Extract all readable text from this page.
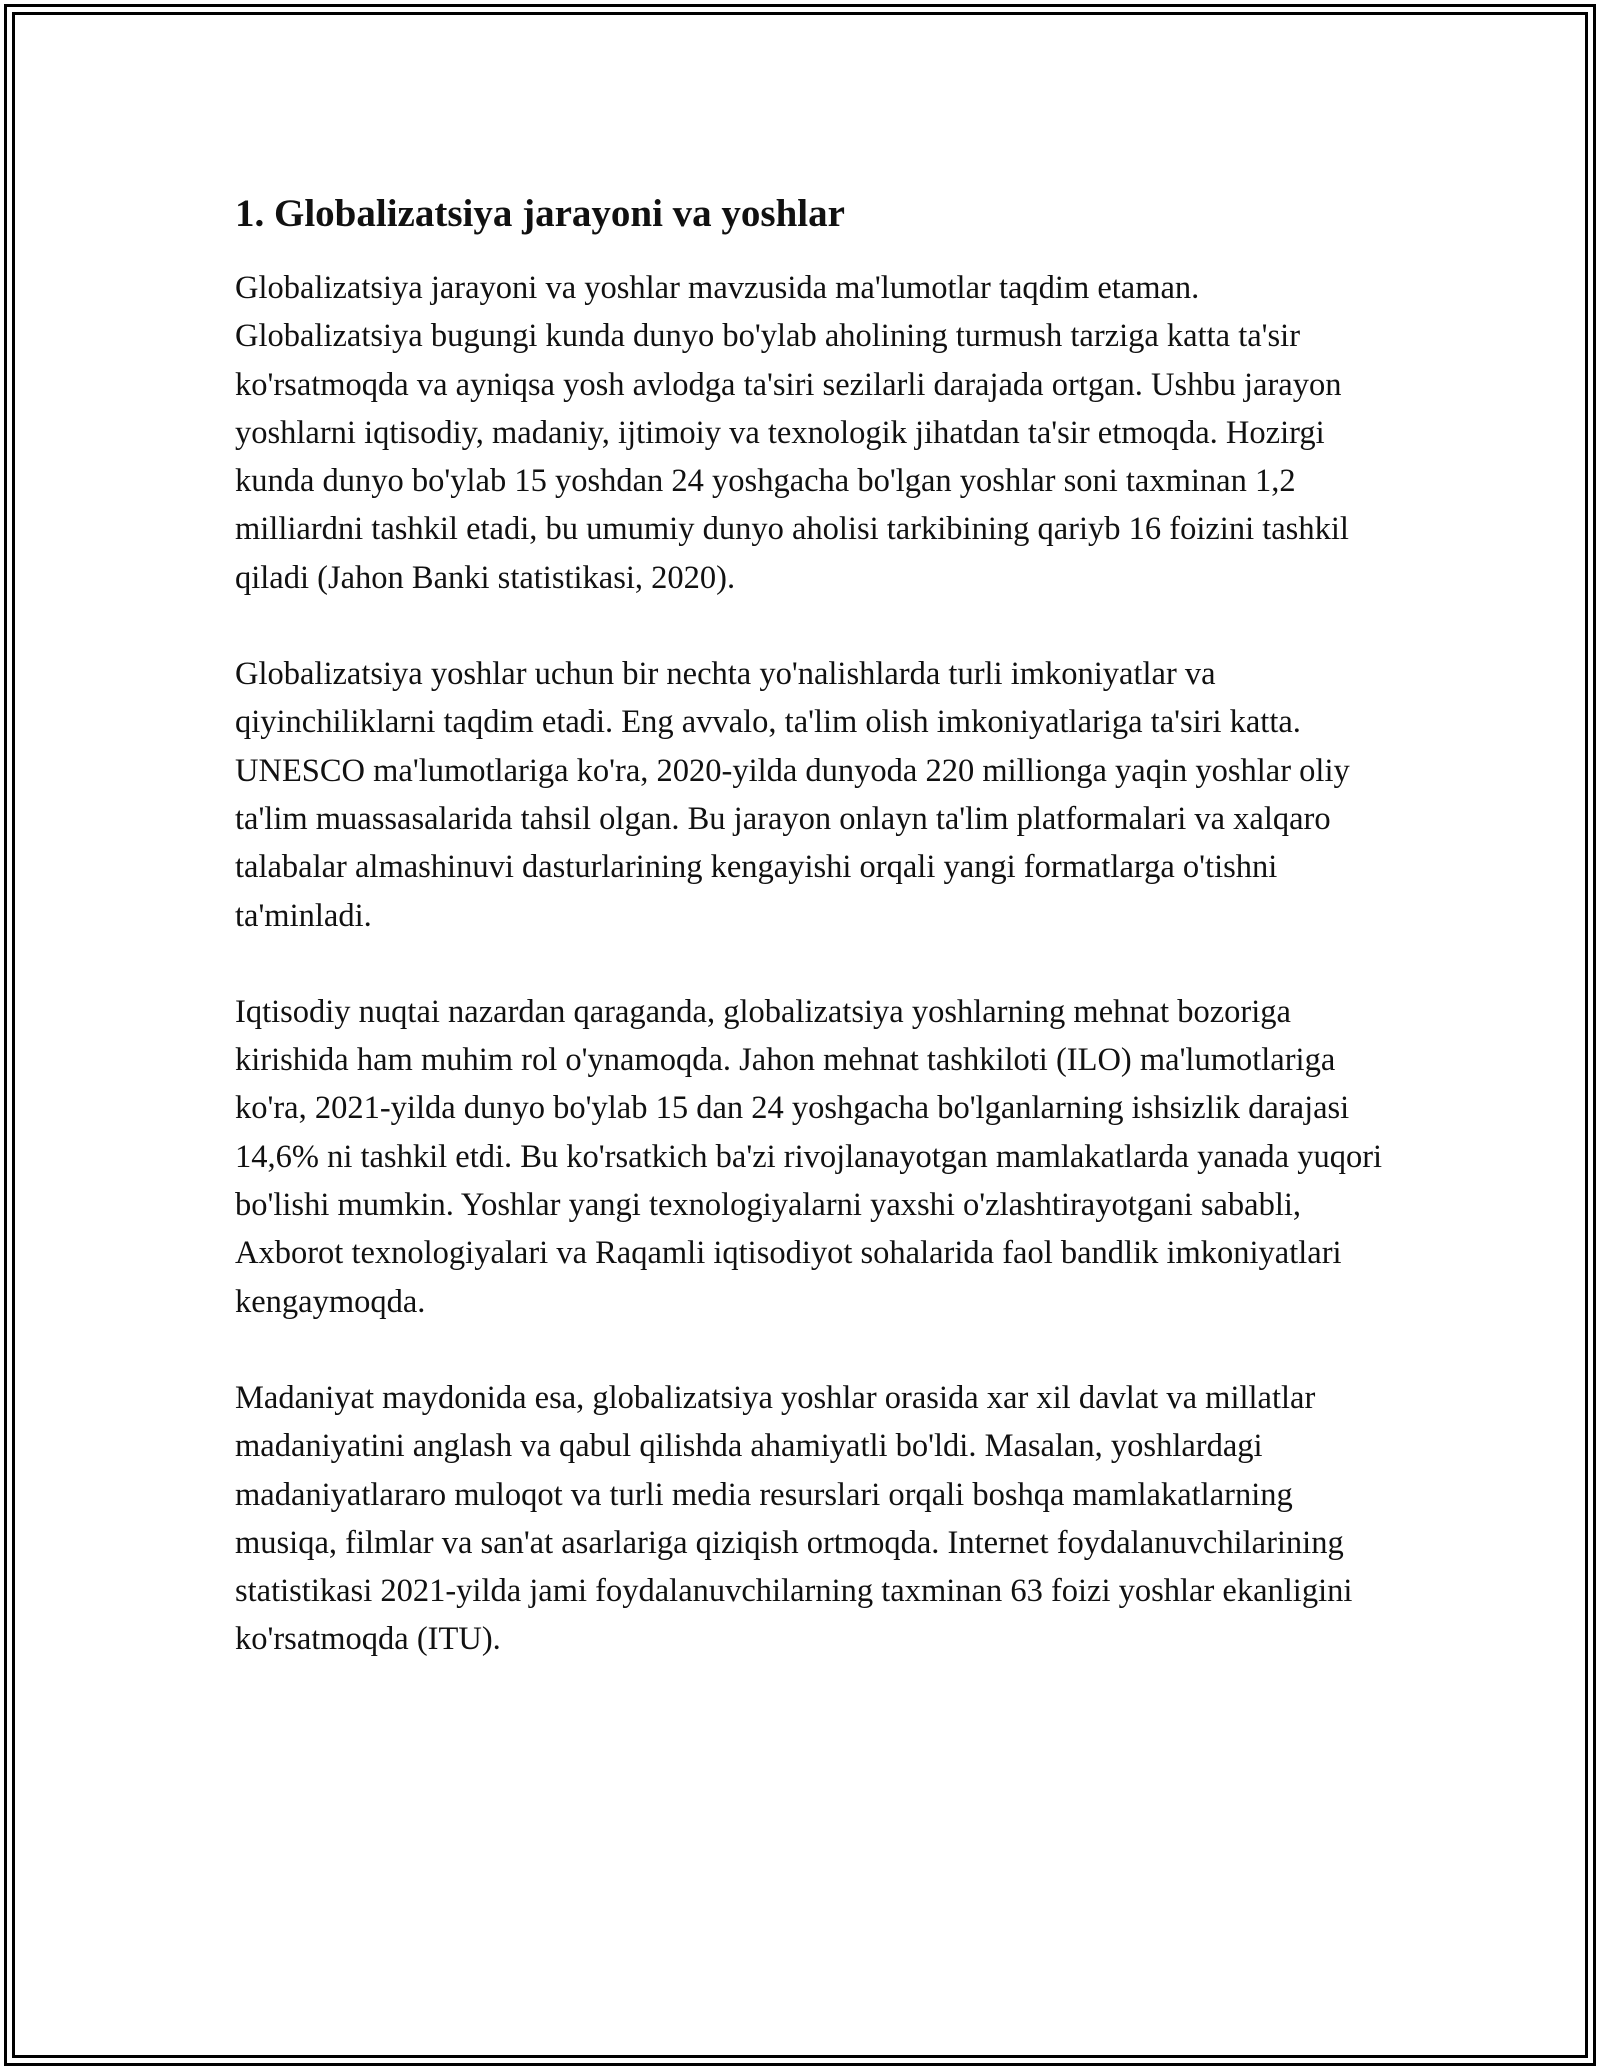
1. Globalizatsiya jarayoni va yoshlar

Globalizatsiya jarayoni va yoshlar mavzusida ma'lumotlar taqdim etaman. Globalizatsiya bugungi kunda dunyo bo'ylab aholining turmush tarziga katta ta'sir ko'rsatmoqda va ayniqsa yosh avlodga ta'siri sezilarli darajada ortgan. Ushbu jarayon yoshlarni iqtisodiy, madaniy, ijtimoiy va texnologik jihatdan ta'sir etmoqda. Hozirgi kunda dunyo bo'ylab 15 yoshdan 24 yoshgacha bo'lgan yoshlar soni taxminan 1,2 milliardni tashkil etadi, bu umumiy dunyo aholisi tarkibining qariyb 16 foizini tashkil qiladi (Jahon Banki statistikasi, 2020).

Globalizatsiya yoshlar uchun bir nechta yo'nalishlarda turli imkoniyatlar va qiyinchiliklarni taqdim etadi. Eng avvalo, ta'lim olish imkoniyatlariga ta'siri katta. UNESCO ma'lumotlariga ko'ra, 2020-yilda dunyoda 220 millionga yaqin yoshlar oliy ta'lim muassasalarida tahsil olgan. Bu jarayon onlayn ta'lim platformalari va xalqaro talabalar almashinuvi dasturlarining kengayishi orqali yangi formatlarga o'tishni ta'minladi.

Iqtisodiy nuqtai nazardan qaraganda, globalizatsiya yoshlarning mehnat bozoriga kirishida ham muhim rol o'ynamoqda. Jahon mehnat tashkiloti (ILO) ma'lumotlariga ko'ra, 2021-yilda dunyo bo'ylab 15 dan 24 yoshgacha bo'lganlarning ishsizlik darajasi 14,6% ni tashkil etdi. Bu ko'rsatkich ba'zi rivojlanayotgan mamlakatlarda yanada yuqori bo'lishi mumkin. Yoshlar yangi texnologiyalarni yaxshi o'zlashtirayotgani sababli, Axborot texnologiyalari va Raqamli iqtisodiyot sohalarida faol bandlik imkoniyatlari kengaymoqda.

Madaniyat maydonida esa, globalizatsiya yoshlar orasida xar xil davlat va millatlar madaniyatini anglash va qabul qilishda ahamiyatli bo'ldi. Masalan, yoshlardagi madaniyatlararo muloqot va turli media resurslari orqali boshqa mamlakatlarning musiqa, filmlar va san'at asarlariga qiziqish ortmoqda. Internet foydalanuvchilarining statistikasi 2021-yilda jami foydalanuvchilarning taxminan 63 foizi yoshlar ekanligini ko'rsatmoqda (ITU).
